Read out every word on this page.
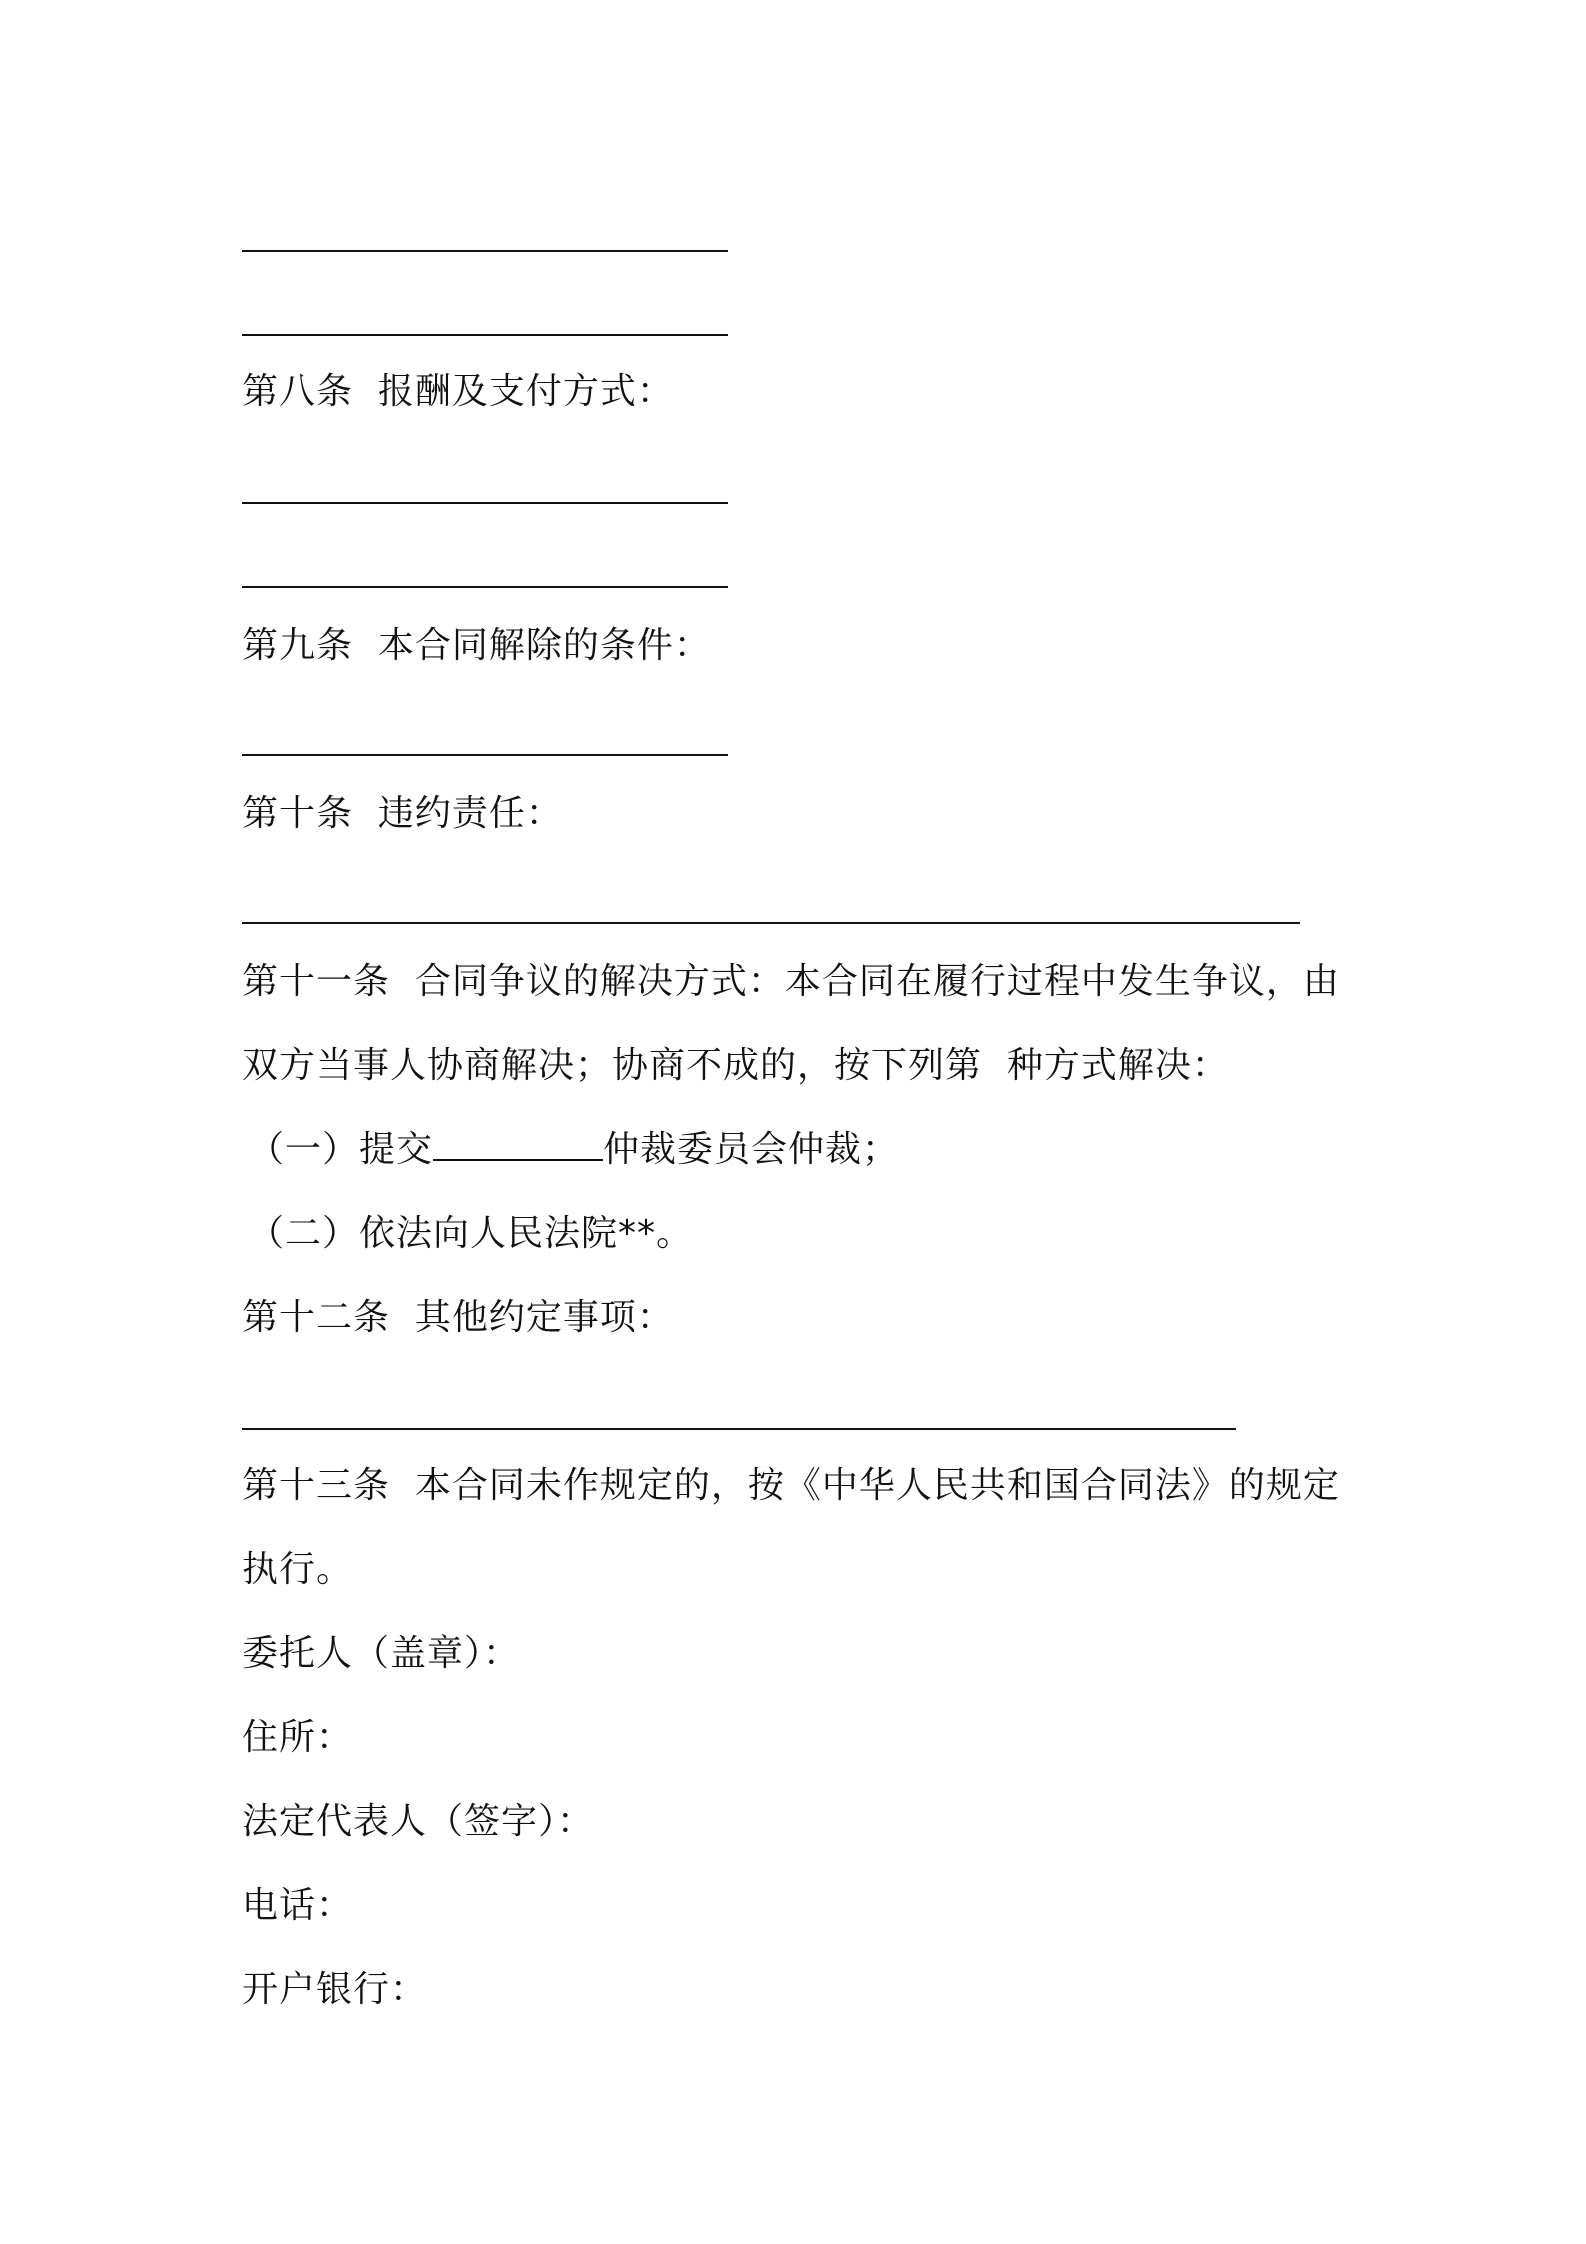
第八条 报酬及支付方式：
第九条 本合同解除的条件：
第十条 违约责任：
第十一条 合同争议的解决方式：本合同在履行过程中发生争议，由
双方当事人协商解决；协商不成的，按下列第  种方式解决：
（一）提交	仲裁委员会仲裁；
（二）依法向人民法院**。
第十二条 其他约定事项：
第十三条 本合同未作规定的，按《中华人民共和国合同法》的规定
执行。
委托人（盖章）：
住所：
法定代表人（签字）：
电话：
开户银行：
